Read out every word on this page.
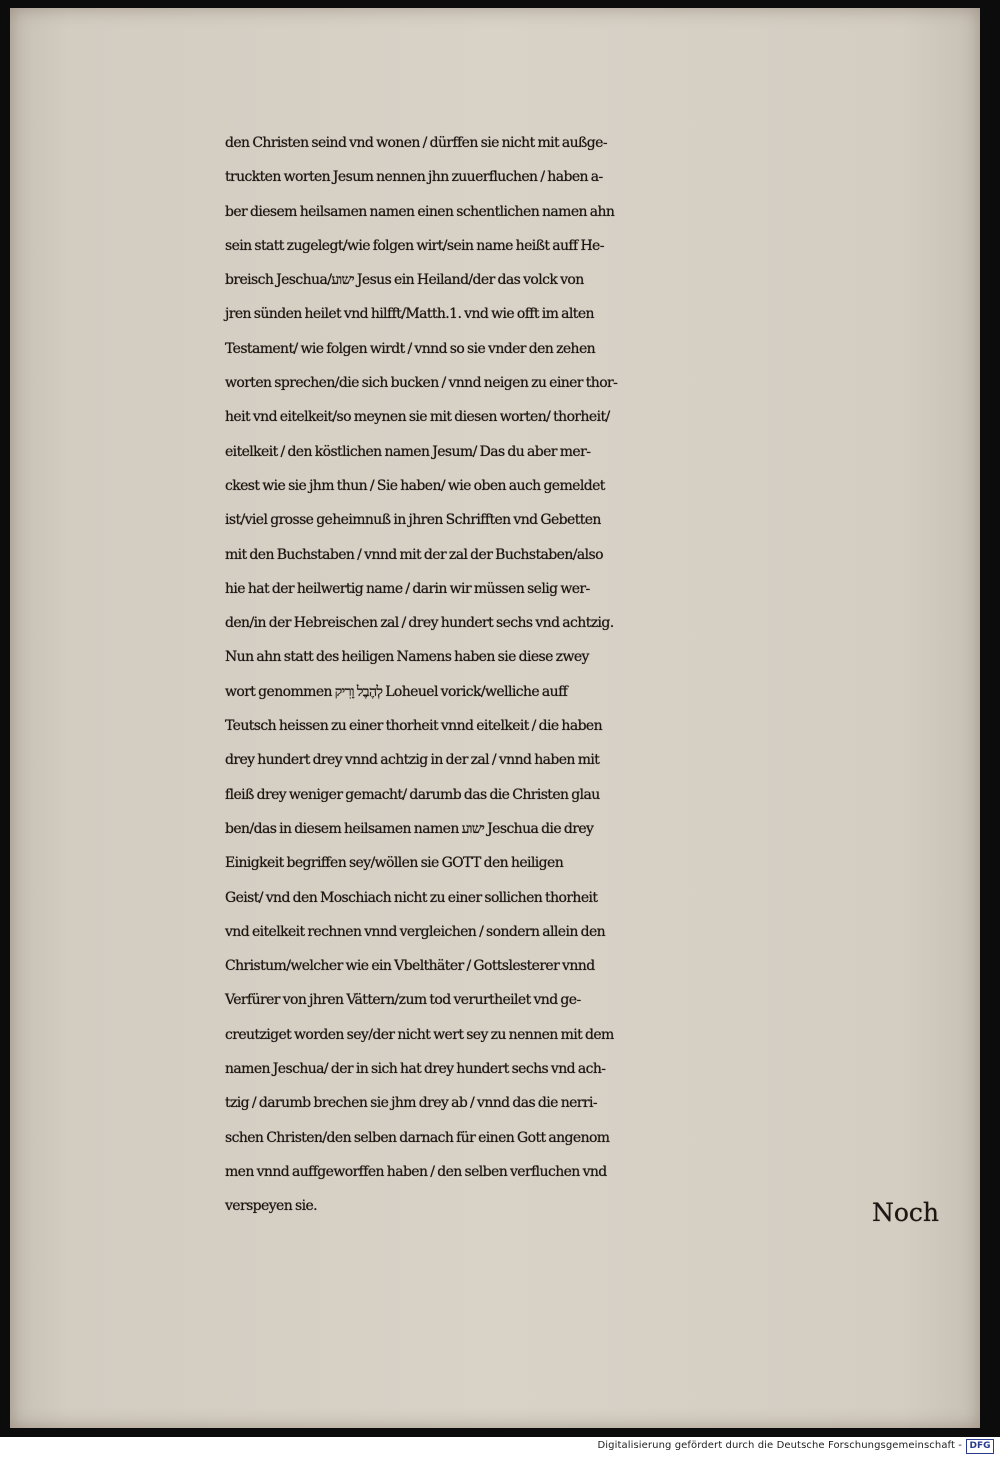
den Christen seind vnd wonen / dürffen sie nicht mit außge-
truckten worten Jesum nennen jhn zuuerfluchen / haben a-
ber diesem heilsamen namen einen schentlichen namen ahn
sein statt zugelegt/wie folgen wirt/sein name heißt auff He-
breisch Jeschua/ישוע Jesus ein Heiland/der das volck von
jren sünden heilet vnd hilfft/Matth.1. vnd wie offt im alten
Testament/ wie folgen wirdt / vnnd so sie vnder den zehen
worten sprechen/die sich bucken / vnnd neigen zu einer thor-
heit vnd eitelkeit/so meynen sie mit diesen worten/ thorheit/
eitelkeit / den köstlichen namen Jesum/ Das du aber mer-
ckest wie sie jhm thun / Sie haben/ wie oben auch gemeldet
ist/viel grosse geheimnuß in jhren Schrifften vnd Gebetten
mit den Buchstaben / vnnd mit der zal der Buchstaben/also
hie hat der heilwertig name / darin wir müssen selig wer-
den/in der Hebreischen zal / drey hundert sechs vnd achtzig.
Nun ahn statt des heiligen Namens haben sie diese zwey
wort genommen לְהֶבֶל וָרִיק Loheuel vorick/welliche auff
Teutsch heissen zu einer thorheit vnnd eitelkeit / die haben
drey hundert drey vnnd achtzig in der zal / vnnd haben mit
fleiß drey weniger gemacht/ darumb das die Christen glau
ben/das in diesem heilsamen namen ישוע Jeschua die drey
Einigkeit begriffen sey/wöllen sie GOTT den heiligen
Geist/ vnd den Moschiach nicht zu einer sollichen thorheit
vnd eitelkeit rechnen vnnd vergleichen / sondern allein den
Christum/welcher wie ein Vbelthäter / Gottslesterer vnnd
Verfürer von jhren Vättern/zum tod verurtheilet vnd ge-
creutziget worden sey/der nicht wert sey zu nennen mit dem
namen Jeschua/ der in sich hat drey hundert sechs vnd ach-
tzig / darumb brechen sie jhm drey ab / vnnd das die nerri-
schen Christen/den selben darnach für einen Gott angenom
men vnnd auffgeworffen haben / den selben verfluchen vnd
verspeyen sie.	Noch
Digitalisierung gefördert durch die Deutsche Forschungsgemeinschaft - DFG
